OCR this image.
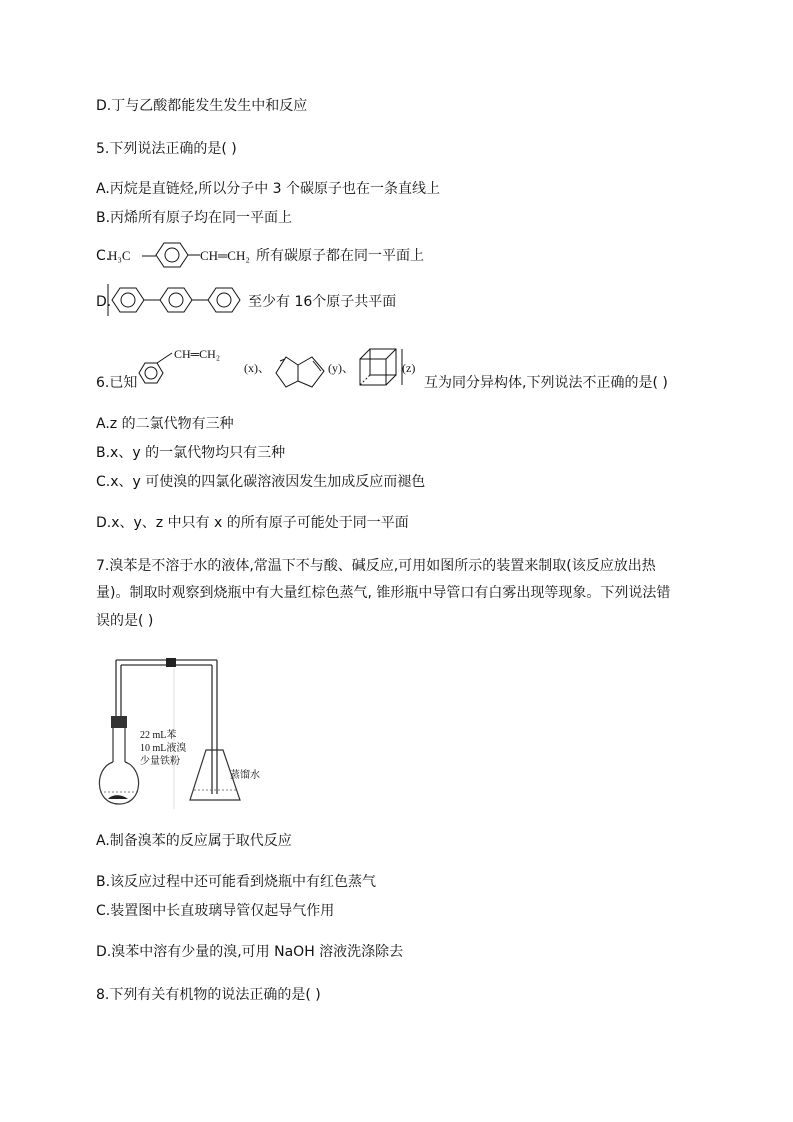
D.丁与乙酸都能发生发生中和反应
5.下列说法正确的是( )
A.丙烷是直链烃,所以分子中 3 个碳原子也在一条直线上
B.丙烯所有原子均在同一平面上
C.
H₃C	CH═CH₂ 所有碳原子都在同一平面上
D.	至少有 16个原子共平面
6.已知
CH═CH₂
(x)、	(y)、	(z)
互为同分异构体,下列说法不正确的是( )
A.z 的二氯代物有三种
B.x、y 的一氯代物均只有三种
C.x、y 可使溴的四氯化碳溶液因发生加成反应而褪色
D.x、y、z 中只有 x 的所有原子可能处于同一平面
7.溴苯是不溶于水的液体,常温下不与酸、碱反应,可用如图所示的装置来制取(该反应放出热
量)。制取时观察到烧瓶中有大量红棕色蒸气, 锥形瓶中导管口有白雾出现等现象。下列说法错
误的是( )
22 mL苯
10 mL液溴
少量铁粉
蒸馏水
A.制备溴苯的反应属于取代反应
B.该反应过程中还可能看到烧瓶中有红色蒸气
C.装置图中长直玻璃导管仅起导气作用
D.溴苯中溶有少量的溴,可用 NaOH 溶液洗涤除去
8.下列有关有机物的说法正确的是( )
